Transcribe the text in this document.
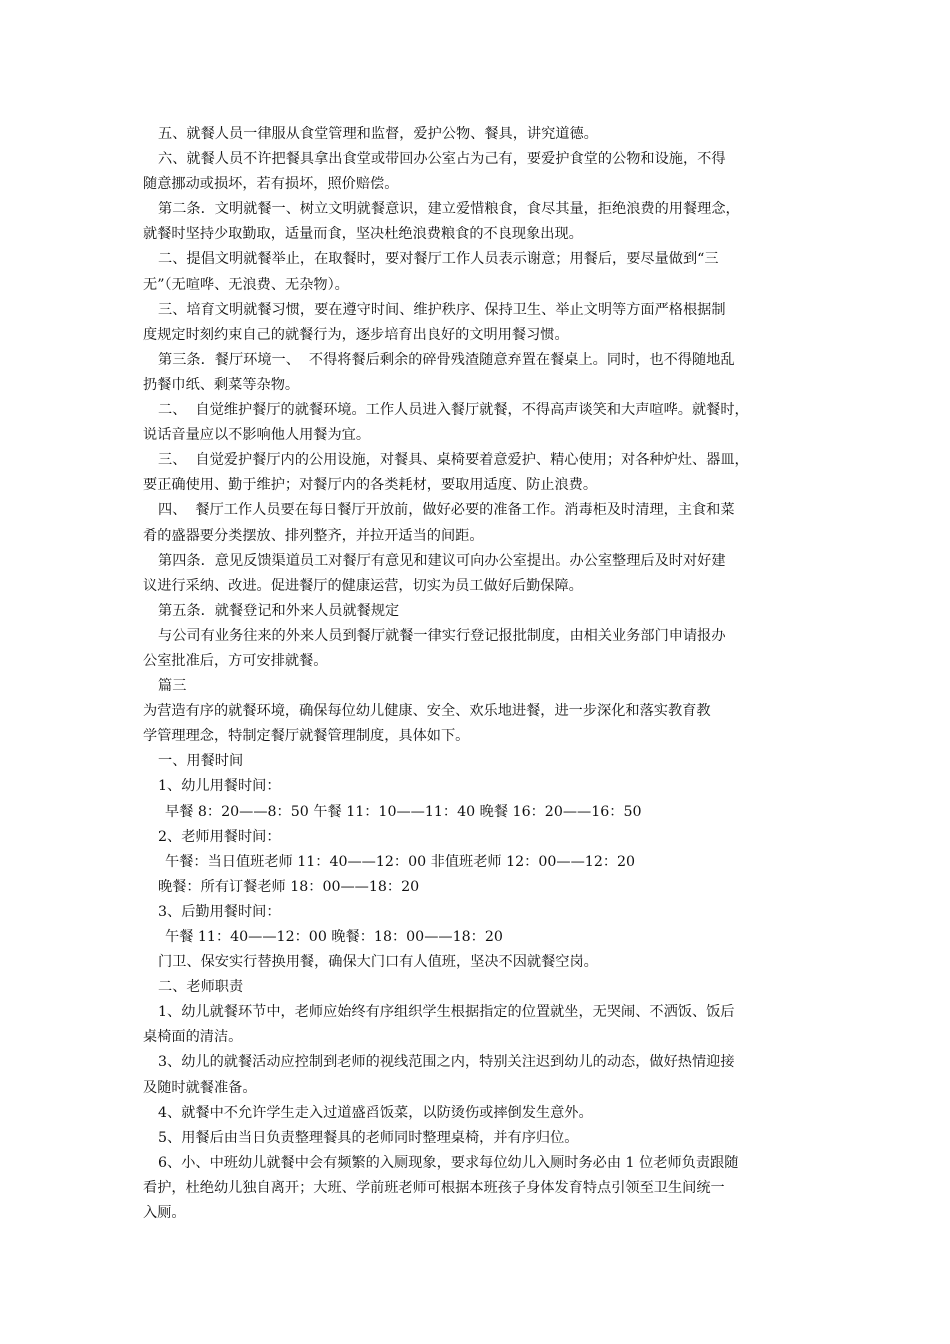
五、就餐人员一律服从食堂管理和监督，爱护公物、餐具，讲究道德。
六、就餐人员不许把餐具拿出食堂或带回办公室占为己有，要爱护食堂的公物和设施，不得
随意挪动或损坏，若有损坏，照价赔偿。
第二条．文明就餐一、树立文明就餐意识，建立爱惜粮食，食尽其量，拒绝浪费的用餐理念，
就餐时坚持少取勤取，适量而食，坚决杜绝浪费粮食的不良现象出现。
二、提倡文明就餐举止，在取餐时，要对餐厅工作人员表示谢意；用餐后，要尽量做到“三
无”（无喧哗、无浪费、无杂物）。
三、培育文明就餐习惯，要在遵守时间、维护秩序、保持卫生、举止文明等方面严格根据制
度规定时刻约束自己的就餐行为，逐步培育出良好的文明用餐习惯。
第三条．餐厅环境一、  不得将餐后剩余的碎骨残渣随意弃置在餐桌上。同时，也不得随地乱
扔餐巾纸、剩菜等杂物。
二、  自觉维护餐厅的就餐环境。工作人员进入餐厅就餐，不得高声谈笑和大声喧哗。就餐时，
说话音量应以不影响他人用餐为宜。
三、  自觉爱护餐厅内的公用设施，对餐具、桌椅要着意爱护、精心使用；对各种炉灶、器皿，
要正确使用、勤于维护；对餐厅内的各类耗材，要取用适度、防止浪费。
四、  餐厅工作人员要在每日餐厅开放前，做好必要的准备工作。消毒柜及时清理，主食和菜
肴的盛器要分类摆放、排列整齐，并拉开适当的间距。
第四条．意见反馈渠道员工对餐厅有意见和建议可向办公室提出。办公室整理后及时对好建
议进行采纳、改进。促进餐厅的健康运营，切实为员工做好后勤保障。
第五条．就餐登记和外来人员就餐规定
与公司有业务往来的外来人员到餐厅就餐一律实行登记报批制度，由相关业务部门申请报办
公室批准后，方可安排就餐。
篇三
为营造有序的就餐环境，确保每位幼儿健康、安全、欢乐地进餐，进一步深化和落实教育教
学管理理念，特制定餐厅就餐管理制度，具体如下。
一、用餐时间
1、幼儿用餐时间：
早餐 8：20——8：50 午餐 11：10——11：40 晚餐 16：20——16：50
2、老师用餐时间：
午餐：当日值班老师 11：40——12：00 非值班老师 12：00——12：20
晚餐：所有订餐老师 18：00——18：20
3、后勤用餐时间：
午餐 11：40——12：00 晚餐：18：00——18：20
门卫、保安实行替换用餐，确保大门口有人值班，坚决不因就餐空岗。
二、老师职责
1、幼儿就餐环节中，老师应始终有序组织学生根据指定的位置就坐，无哭闹、不洒饭、饭后
桌椅面的清洁。
3、幼儿的就餐活动应控制到老师的视线范围之内，特别关注迟到幼儿的动态，做好热情迎接
及随时就餐准备。
4、就餐中不允许学生走入过道盛舀饭菜，以防烫伤或摔倒发生意外。
5、用餐后由当日负责整理餐具的老师同时整理桌椅，并有序归位。
6、小、中班幼儿就餐中会有频繁的入厕现象，要求每位幼儿入厕时务必由 1 位老师负责跟随
看护，杜绝幼儿独自离开；大班、学前班老师可根据本班孩子身体发育特点引领至卫生间统一
入厕。
